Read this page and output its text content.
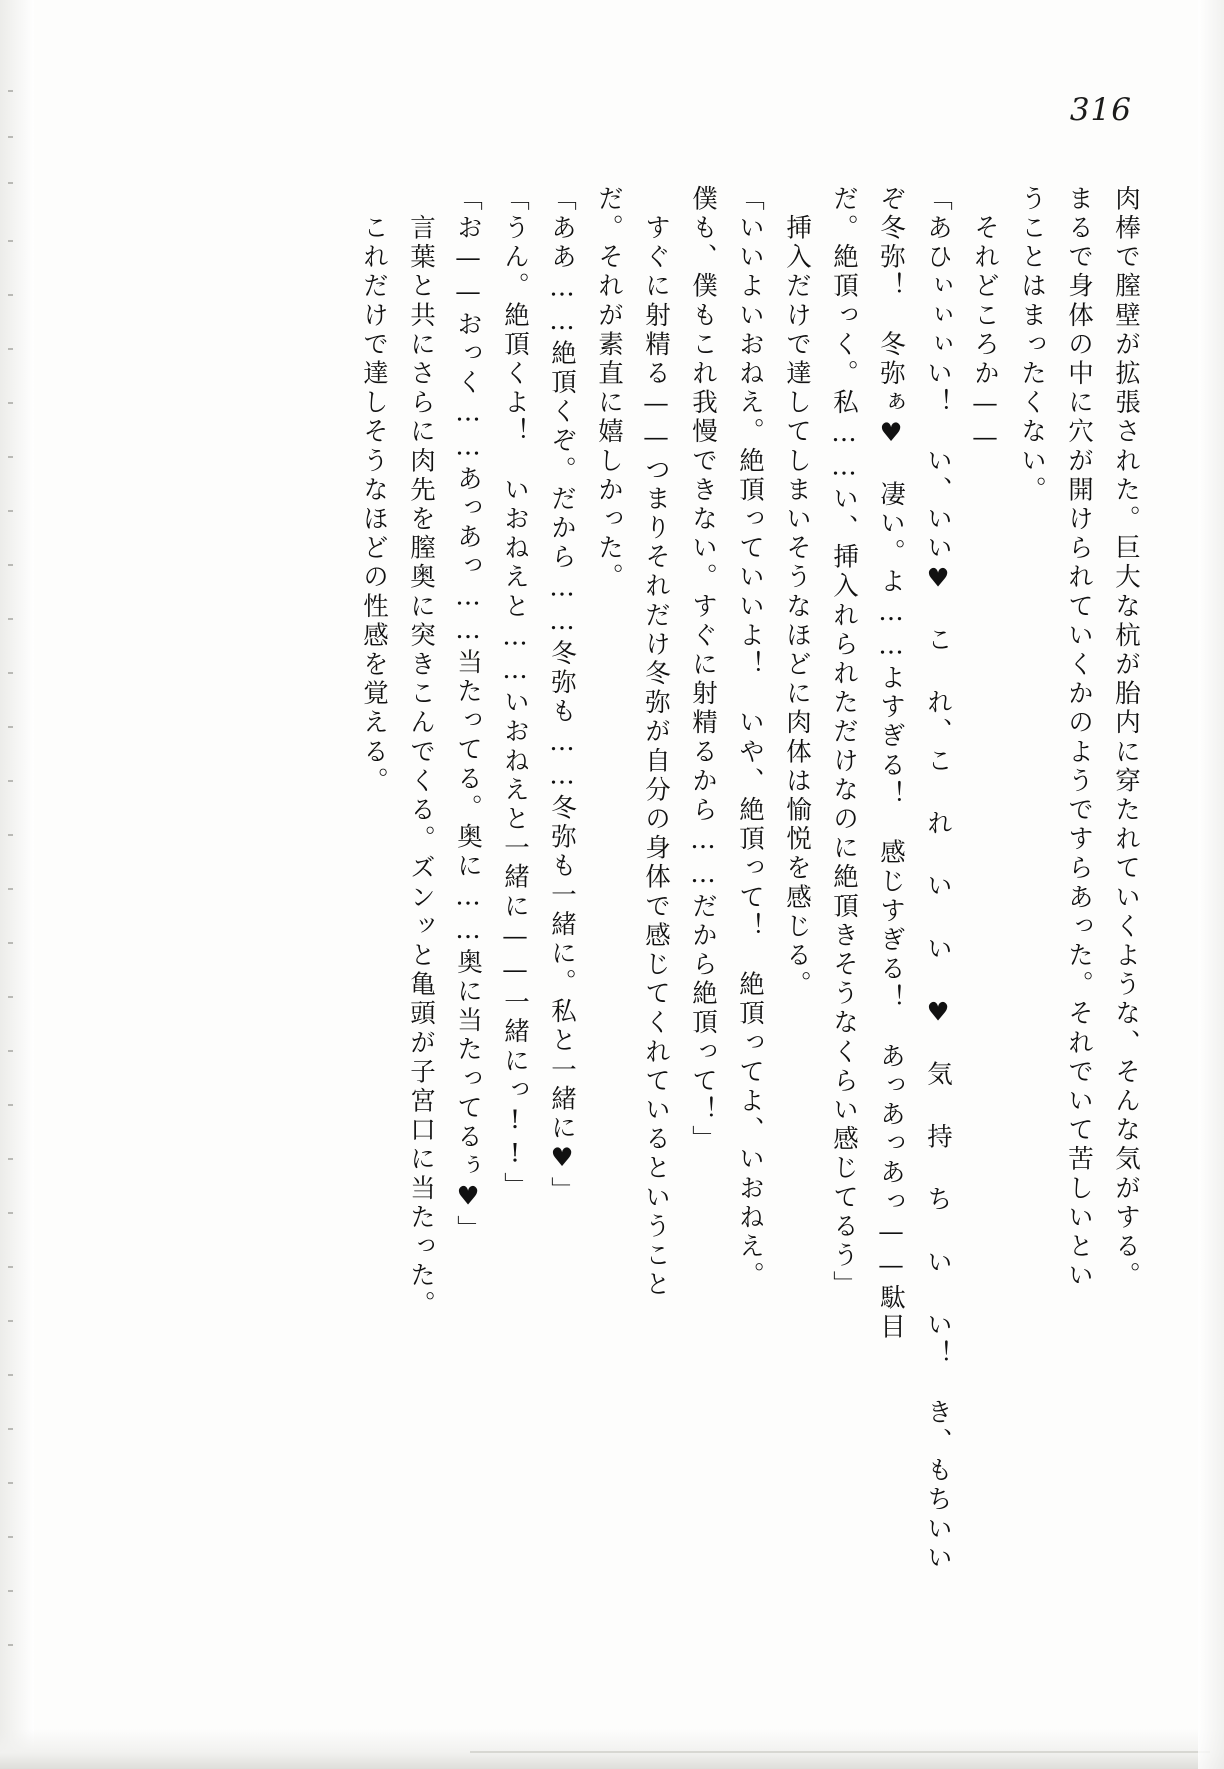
316
肉棒で膣壁が拡張された。巨大な杭が胎内に穿たれていくような、そんな気がする。
まるで身体の中に穴が開けられていくかのようですらあった。それでいて苦しいとい
うことはまったくない。
　それどころか——
「あひぃぃぃい！　い、いい♥　こ れ、こ れ い い ♥　気 持 ち い い！　き、もちいい
ぞ冬弥！　冬弥ぁ♥　凄い。よ……よすぎる！　感じすぎる！　あっあっあっ——駄目
だ。絶頂っく。私……い、挿入れられただけなのに絶頂きそうなくらい感じてるう」
　挿入だけで達してしまいそうなほどに肉体は愉悦を感じる。
「いいよいおねえ。絶頂っていいよ！　いや、絶頂って！　絶頂ってよ、いおねえ。
僕も、僕もこれ我慢できない。すぐに射精るから……だから絶頂って！」
　すぐに射精る——つまりそれだけ冬弥が自分の身体で感じてくれているということ
だ。それが素直に嬉しかった。
「ああ……絶頂くぞ。だから……冬弥も……冬弥も一緒に。私と一緒に♥」
「うん。絶頂くよ！　いおねえと……いおねえと一緒に——一緒にっ!!」
「お——おっく……あっあっ……当たってる。奥に……奥に当たってるぅ♥」
　言葉と共にさらに肉先を膣奥に突きこんでくる。ズンッと亀頭が子宮口に当たった。
　これだけで達しそうなほどの性感を覚える。
